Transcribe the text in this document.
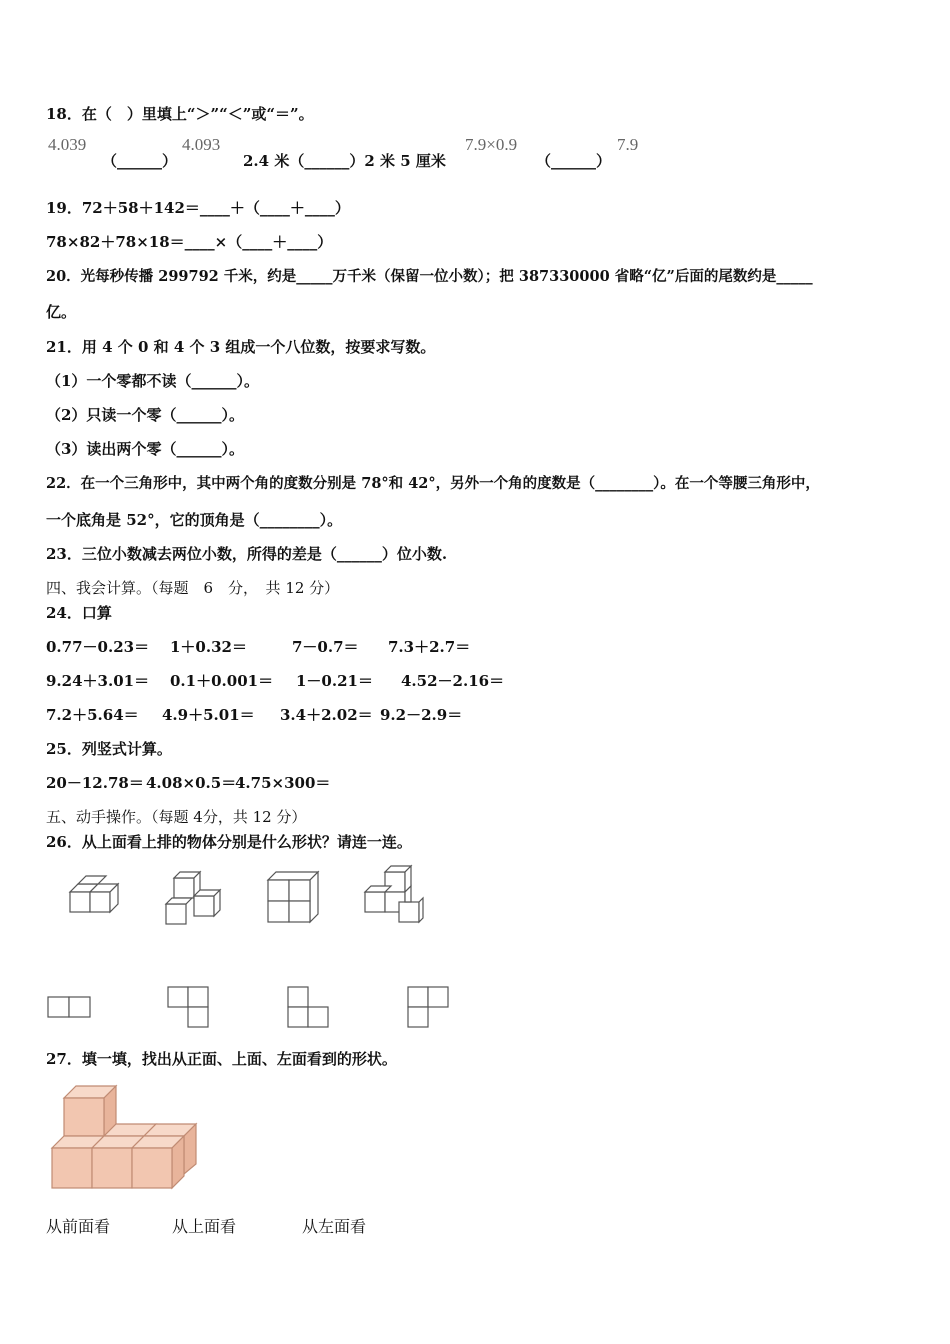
18．在（　）里填上“＞”“＜”或“＝”。
4.039
（______）
4.093
2.4 米（______）2 米 5 厘米
7.9×0.9
（______）
7.9
19．72＋58＋142＝____＋（____＋____）
78×82＋78×18＝____×（____＋____）
20．光每秒传播 299792 千米，约是_____万千米（保留一位小数）；把 387330000 省略“亿”后面的尾数约是_____
亿。
21．用 4 个 0 和 4 个 3 组成一个八位数，按要求写数。
（1）一个零都不读（______）。
（2）只读一个零（______）。
（3）读出两个零（______）。
22．在一个三角形中，其中两个角的度数分别是 78°和 42°，另外一个角的度数是（________）。在一个等腰三角形中，
一个底角是 52°，它的顶角是（________）。
23．三位小数减去两位小数，所得的差是（______）位小数.
四、我会计算。（每题　6　分，　共 12 分）
24．口算
0.77－0.23＝ 1＋0.32＝	7－0.7＝ 7.3＋2.7＝
9.24＋3.01＝ 0.1＋0.001＝ 1－0.21＝ 4.52－2.16＝
7.2＋5.64＝ 4.9＋5.01＝ 3.4＋2.02＝ 9.2－2.9＝
25．列竖式计算。
20－12.78＝ 4.08×0.5＝
4.75×300＝
五、动手操作。（每题 4分，共 12 分）
26．从上面看上排的物体分别是什么形状？请连一连。
27．填一填，找出从正面、上面、左面看到的形状。
从前面看	从上面看	从左面看
